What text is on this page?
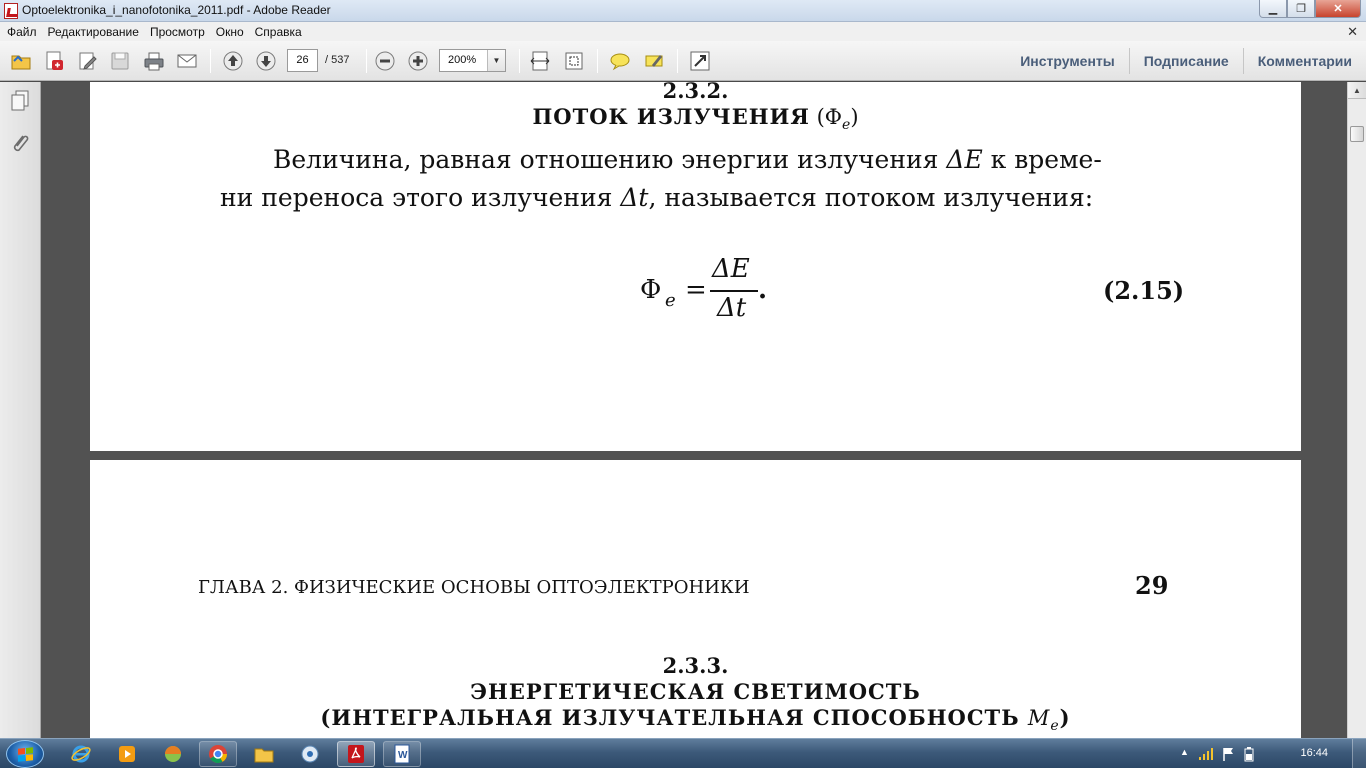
Optoelektronika_i_nanofotonika_2011.pdf - Adobe Reader	▁	❐	✕
Файл Редактирование Просмотр Окно Справка	✕
26	/ 537	200%	▼	Инструменты	Подписание	Комментарии
2.3.2.
ПОТОК ИЗЛУЧЕНИЯ $(\Phi_e)$
Величина, равная отношению энергии излучения ΔE к време-
ни переноса этого излучения Δt, называется потоком излучения:
Φ e =
ΔE
Δt
.	(2.15)
ГЛАВА 2. ФИЗИЧЕСКИЕ ОСНОВЫ ОПТОЭЛЕКТРОНИКИ	29
2.3.3.
ЭНЕРГЕТИЧЕСКАЯ СВЕТИМОСТЬ
(ИНТЕГРАЛЬНАЯ ИЗЛУЧАТЕЛЬНАЯ СПОСОБНОСТЬ $M_e$)
▲
W	▲	16:44
